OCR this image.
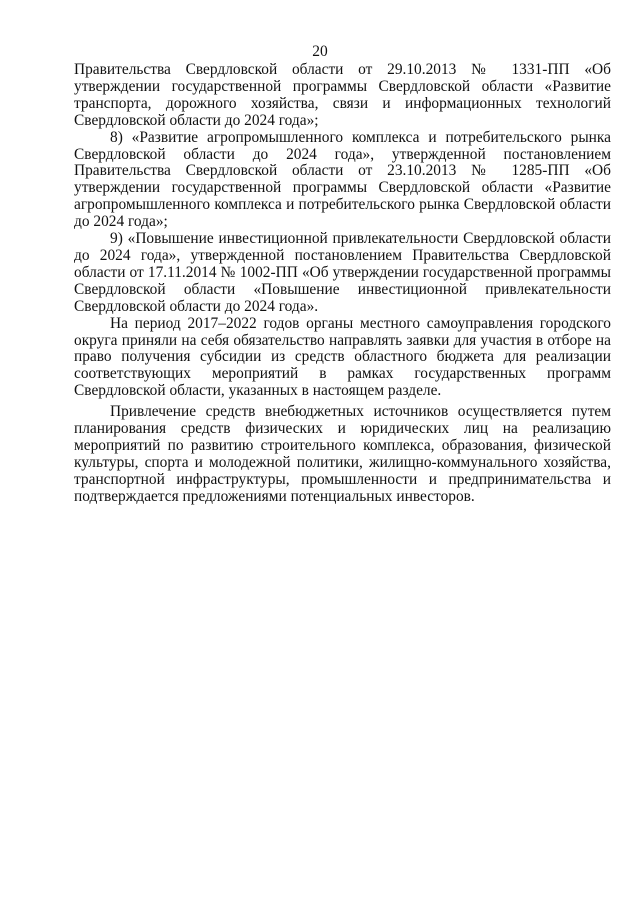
20

Правительства Свердловской области от 29.10.2013 № 1331-ПП «Об утверждении государственной программы Свердловской области «Развитие транспорта, дорожного хозяйства, связи и информационных технологий Свердловской области до 2024 года»;

8) «Развитие агропромышленного комплекса и потребительского рынка Свердловской области до 2024 года», утвержденной постановлением Правительства Свердловской области от 23.10.2013 № 1285-ПП «Об утверждении государственной программы Свердловской области «Развитие агропромышленного комплекса и потребительского рынка Свердловской области до 2024 года»;

9) «Повышение инвестиционной привлекательности Свердловской области до 2024 года», утвержденной постановлением Правительства Свердловской области от 17.11.2014 № 1002-ПП «Об утверждении государственной программы Свердловской области «Повышение инвестиционной привлекательности Свердловской области до 2024 года».

На период 2017–2022 годов органы местного самоуправления городского округа приняли на себя обязательство направлять заявки для участия в отборе на право получения субсидии из средств областного бюджета для реализации соответствующих мероприятий в рамках государственных программ Свердловской области, указанных в настоящем разделе.

Привлечение средств внебюджетных источников осуществляется путем планирования средств физических и юридических лиц на реализацию мероприятий по развитию строительного комплекса, образования, физической культуры, спорта и молодежной политики, жилищно-коммунального хозяйства, транспортной инфраструктуры, промышленности и предпринимательства и подтверждается предложениями потенциальных инвесторов.
